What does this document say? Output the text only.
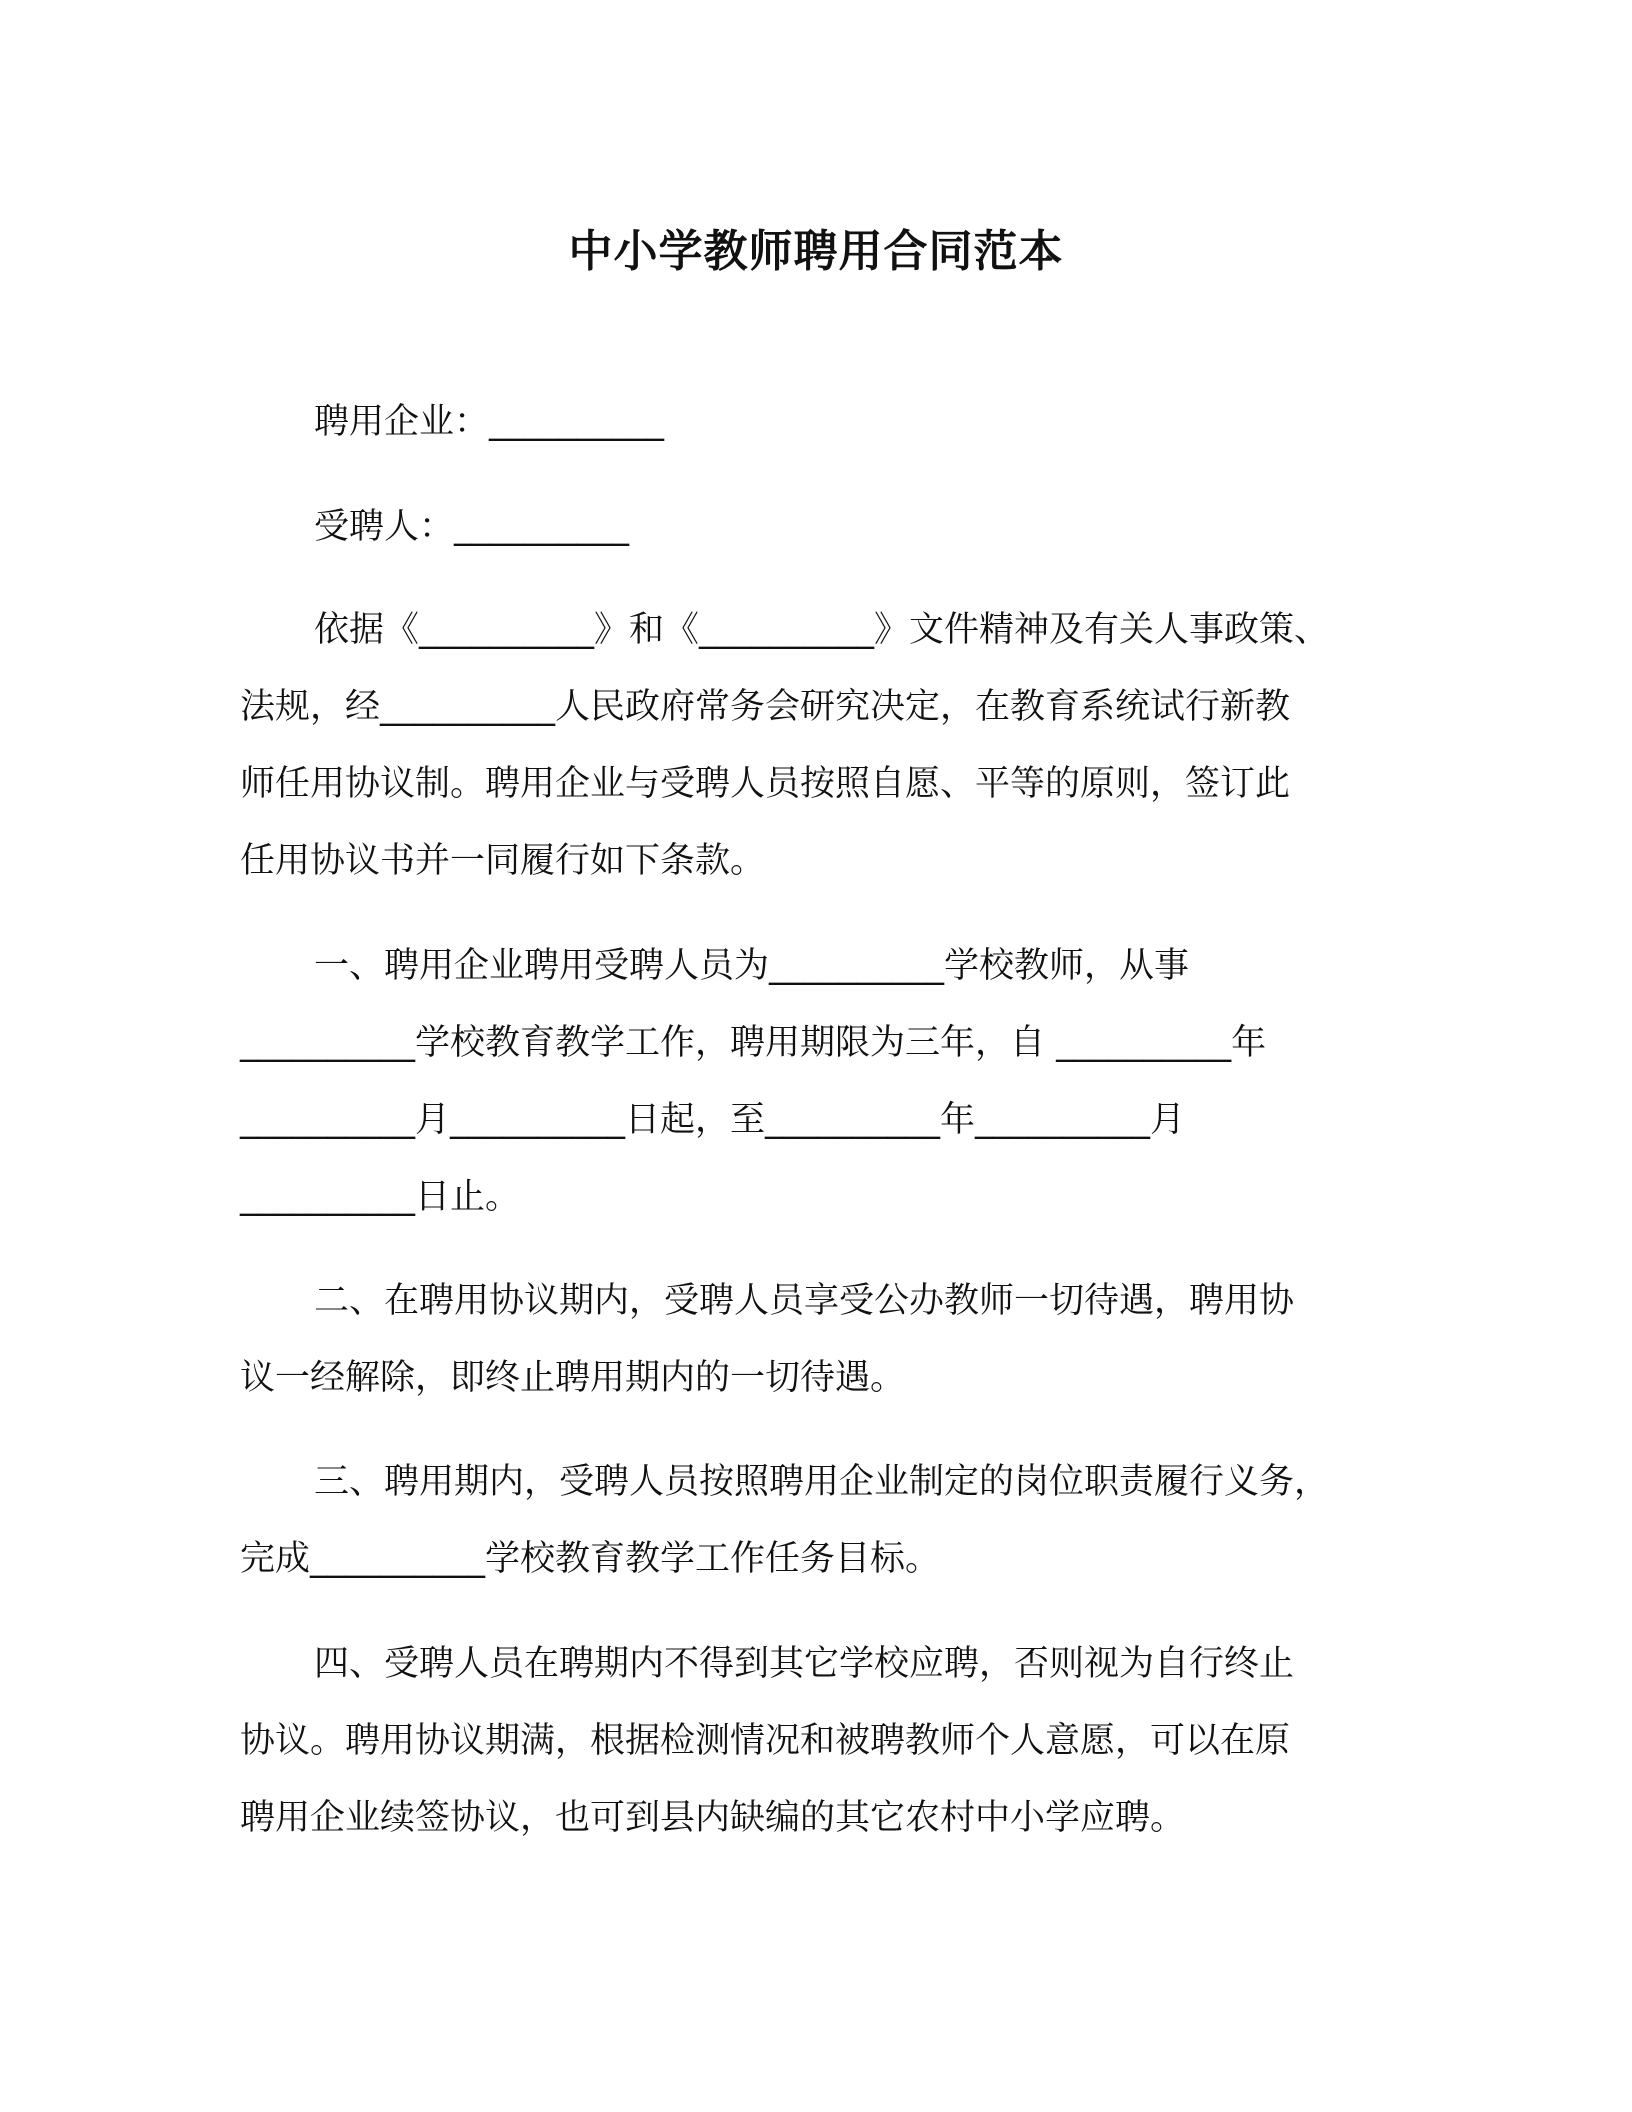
中小学教师聘用合同范本
聘用企业：__________
受聘人：__________
依据《__________》和《__________》文件精神及有关人事政策、
法规，经__________人民政府常务会研究决定，在教育系统试行新教
师任用协议制。聘用企业与受聘人员按照自愿、平等的原则，签订此
任用协议书并一同履行如下条款。
一、聘用企业聘用受聘人员为__________学校教师，从事
__________学校教育教学工作，聘用期限为三年，自 __________年
__________月__________日起，至__________年__________月
__________日止。
二、在聘用协议期内，受聘人员享受公办教师一切待遇，聘用协
议一经解除，即终止聘用期内的一切待遇。
三、聘用期内，受聘人员按照聘用企业制定的岗位职责履行义务，
完成__________学校教育教学工作任务目标。
四、受聘人员在聘期内不得到其它学校应聘，否则视为自行终止
协议。聘用协议期满，根据检测情况和被聘教师个人意愿，可以在原
聘用企业续签协议，也可到县内缺编的其它农村中小学应聘。
